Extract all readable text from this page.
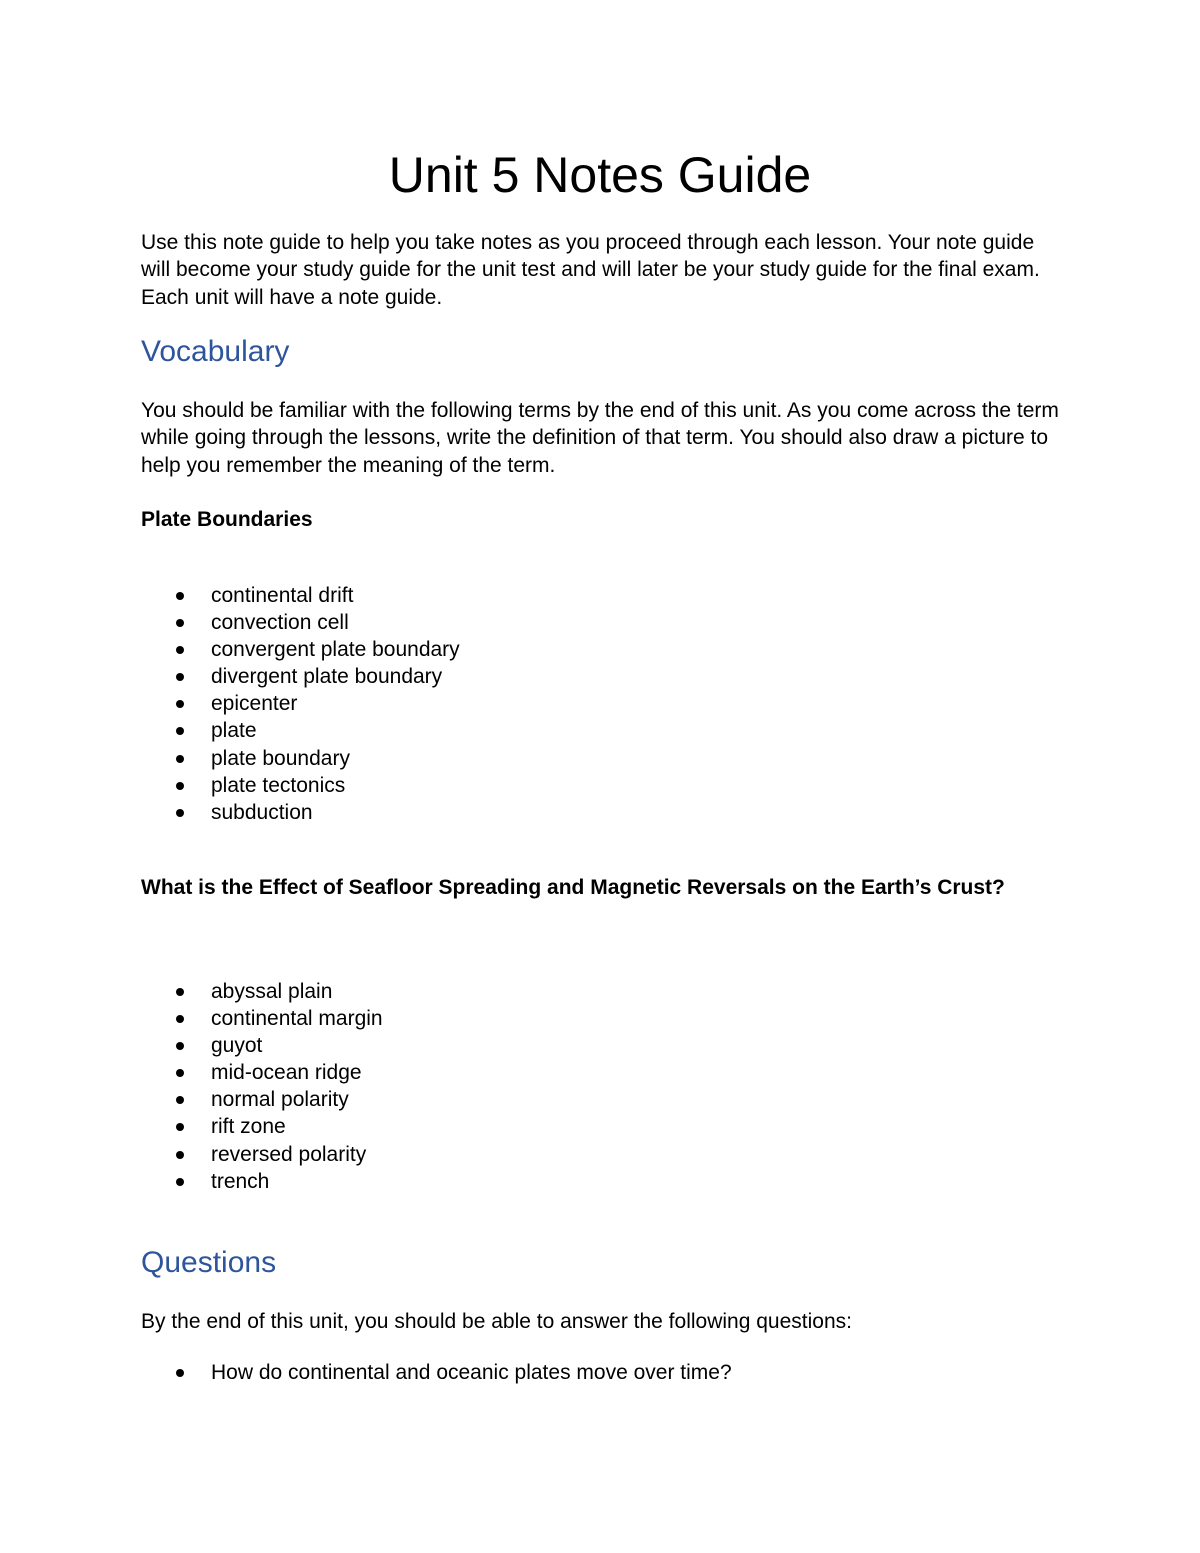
Unit 5 Notes Guide

Use this note guide to help you take notes as you proceed through each lesson. Your note guide will become your study guide for the unit test and will later be your study guide for the final exam. Each unit will have a note guide.

Vocabulary

You should be familiar with the following terms by the end of this unit. As you come across the term while going through the lessons, write the definition of that term. You should also draw a picture to help you remember the meaning of the term.

Plate Boundaries
continental drift
convection cell
convergent plate boundary
divergent plate boundary
epicenter
plate
plate boundary
plate tectonics
subduction
What is the Effect of Seafloor Spreading and Magnetic Reversals on the Earth’s Crust?
abyssal plain
continental margin
guyot
mid-ocean ridge
normal polarity
rift zone
reversed polarity
trench
Questions

By the end of this unit, you should be able to answer the following questions:

How do continental and oceanic plates move over time?
